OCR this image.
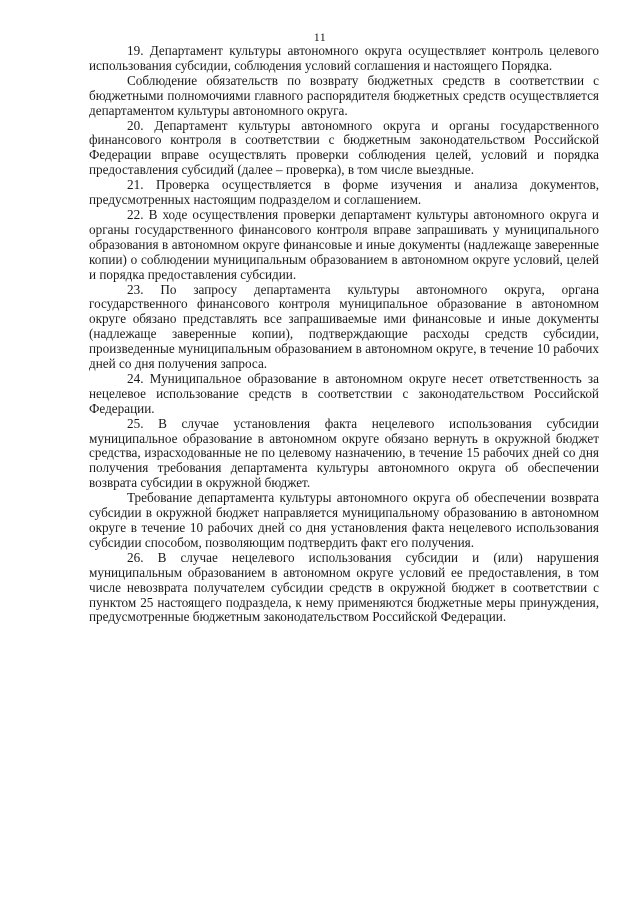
11

19. Департамент культуры автономного округа осуществляет контроль целевого использования субсидии, соблюдения условий соглашения и настоящего Порядка.

Соблюдение обязательств по возврату бюджетных средств в соответствии с бюджетными полномочиями главного распорядителя бюджетных средств осуществляется департаментом культуры автономного округа.

20. Департамент культуры автономного округа и органы государственного финансового контроля в соответствии с бюджетным законодательством Российской Федерации вправе осуществлять проверки соблюдения целей, условий и порядка предоставления субсидий (далее – проверка), в том числе выездные.

21. Проверка осуществляется в форме изучения и анализа документов, предусмотренных настоящим подразделом и соглашением.

22. В ходе осуществления проверки департамент культуры автономного округа и органы государственного финансового контроля вправе запрашивать у муниципального образования в автономном округе финансовые и иные документы (надлежаще заверенные копии) о соблюдении муниципальным образованием в автономном округе условий, целей и порядка предоставления субсидии.

23. По запросу департамента культуры автономного округа, органа государственного финансового контроля муниципальное образование в автономном округе обязано представлять все запрашиваемые ими финансовые и иные документы (надлежаще заверенные копии), подтверждающие расходы средств субсидии, произведенные муниципальным образованием в автономном округе, в течение 10 рабочих дней со дня получения запроса.

24. Муниципальное образование в автономном округе несет ответственность за нецелевое использование средств в соответствии с законодательством Российской Федерации.

25. В случае установления факта нецелевого использования субсидии муниципальное образование в автономном округе обязано вернуть в окружной бюджет средства, израсходованные не по целевому назначению, в течение 15 рабочих дней со дня получения требования департамента культуры автономного округа об обеспечении возврата субсидии в окружной бюджет.

Требование департамента культуры автономного округа об обеспечении возврата субсидии в окружной бюджет направляется муниципальному образованию в автономном округе в течение 10 рабочих дней со дня установления факта нецелевого использования субсидии способом, позволяющим подтвердить факт его получения.

26. В случае нецелевого использования субсидии и (или) нарушения муниципальным образованием в автономном округе условий ее предоставления, в том числе невозврата получателем субсидии средств в окружной бюджет в соответствии с пунктом 25 настоящего подраздела, к нему применяются бюджетные меры принуждения, предусмотренные бюджетным законодательством Российской Федерации.
